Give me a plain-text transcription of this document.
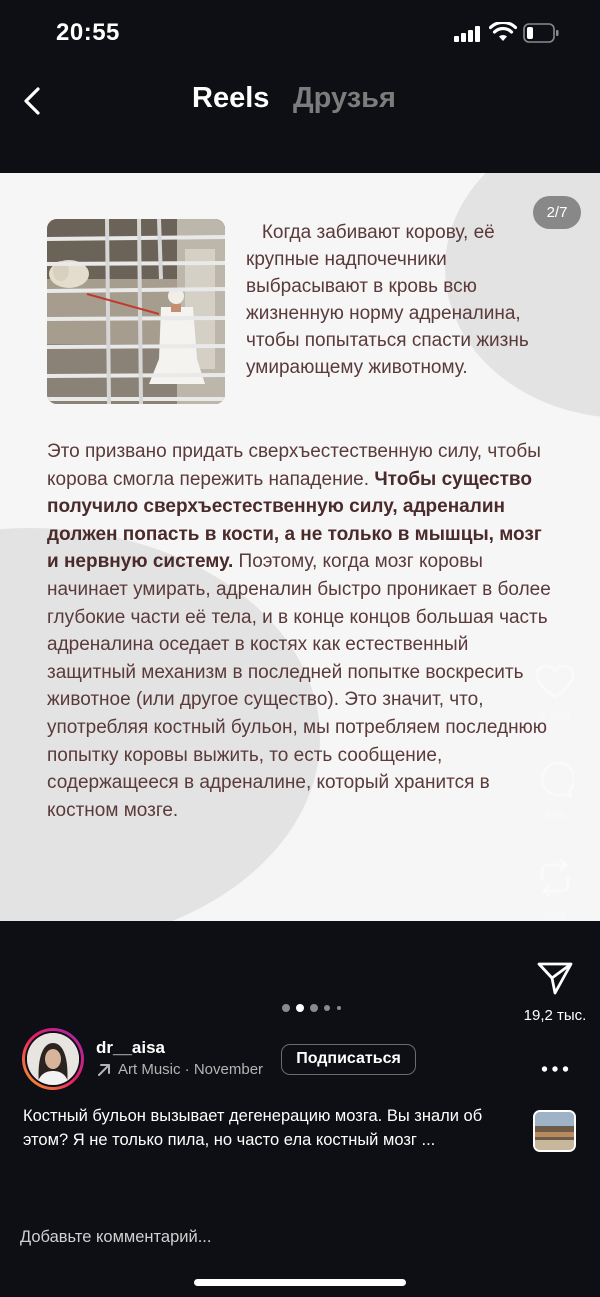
20:55
Reels Друзья
2/7
Когда забивают корову, её крупные надпочечники выбрасывают в кровь всю жизненную норму адреналина, чтобы попытаться спасти жизнь умирающему животному.
Это призвано придать сверхъестественную силу, чтобы корова смогла пережить нападение. Чтобы существо получило сверхъестественную силу, адреналин должен попасть в кости, а не только в мышцы, мозг и нервную систему. Поэтому, когда мозг коровы начинает умирать, адреналин быстро проникает в более глубокие части её тела, и в конце концов большая часть адреналина оседает в костях как естественный защитный механизм в последней попытке воскресить животное (или другое существо). Это значит, что, употребляя костный бульон, мы потребляем последнюю попытку коровы выжить, то есть сообщение, содержащееся в адреналине, который хранится в костном мозге.
4 903
306
939
19,2 тыс.
dr__aisa
Art Music · November
Подписаться
Костный бульон вызывает дегенерацию мозга. Вы знали об этом? Я не только пила, но часто ела костный мозг ...
Добавьте комментарий...
